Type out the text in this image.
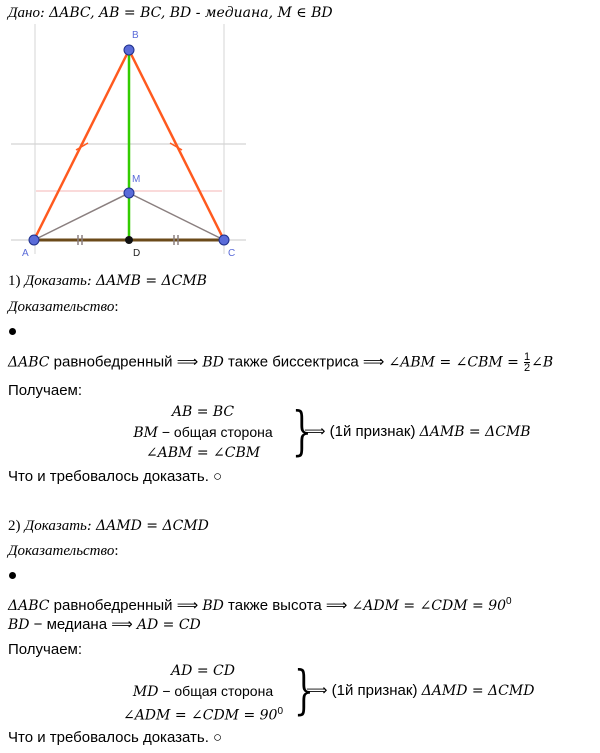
Дано: ΔABC, AB = BC, BD - медиана, M ∈ BD
B
M
A	C
D
1) Доказать: ΔAMB = ΔCMB
Доказательство:
ΔABC равнобедренный ⟹ BD также биссектриса ⟹ ∠ABM = ∠CBM = $\frac{1}{2}$ ∠B
Получаем:
AB = BC
BM − общая сторона
∠ABM = ∠CBM }
⟹ (1й признак) ΔAMB = ΔCMB
Что и требовалось доказать. ○
2) Доказать: ΔAMD = ΔCMD
Доказательство:
ΔABC равнобедренный ⟹ BD также высота ⟹ ∠ADM = ∠CDM = $90^0$
BD − медиана ⟹ AD = CD
Получаем:
AD = CD
MD − общая сторона
∠ADM = ∠CDM = $90^0$ }
⟹ (1й признак) ΔAMD = ΔCMD
Что и требовалось доказать. ○
